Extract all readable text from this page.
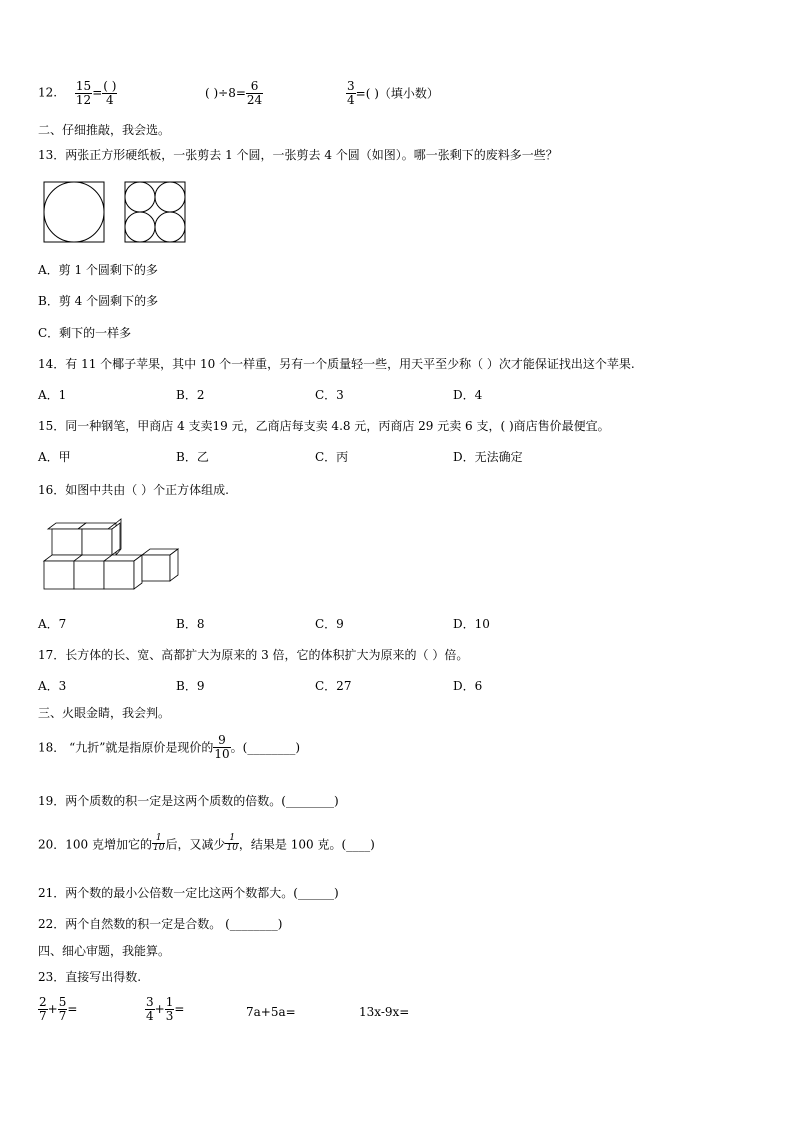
12. $\frac{15}{12} = \frac{( )}{4}$	( )$\div 8= \frac{6}{24}$	$\frac{3}{4}$ =( )（填小数）
二、仔细推敲，我会选。
13．两张正方形硬纸板，一张剪去 1 个圆，一张剪去 4 个圆（如图）。哪一张剩下的废料多一些？
A．剪 1 个圆剩下的多
B．剪 4 个圆剩下的多
C．剩下的一样多
14．有 11 个椰子苹果，其中 10 个一样重，另有一个质量轻一些，用天平至少称（ ）次才能保证找出这个苹果.
A．1	B．2	C．3	D．4
15．同一种钢笔，甲商店 4 支卖19 元，乙商店每支卖 4.8 元，丙商店 29 元卖 6 支，( )商店售价最便宜。
A．甲	B．乙	C．丙	D．无法确定
16．如图中共由（ ）个正方体组成.
A．7	B．8	C．9	D．10
17．长方体的长、宽、高都扩大为原来的 3 倍，它的体积扩大为原来的（ ）倍。
A．3	B．9	C．27	D．6
三、火眼金睛，我会判。
18． “九折”就是指原价是现价的 $\frac{9}{10}$ 。(________)
19．两个质数的积一定是这两个质数的倍数。(________)
20．100 克增加它的 $\frac{1}{10}$ 后，又减少 $\frac{1}{10}$ ，结果是 100 克。(____)
21．两个数的最小公倍数一定比这两个数都大。(______)
22．两个自然数的积一定是合数。 (________)
四、细心审题，我能算。
23．直接写出得数.
$\frac{2}{7} + \frac{5}{7}$ =	$\frac{3}{4} + \frac{1}{3}$ =	7a+5a=	13x-9x=
